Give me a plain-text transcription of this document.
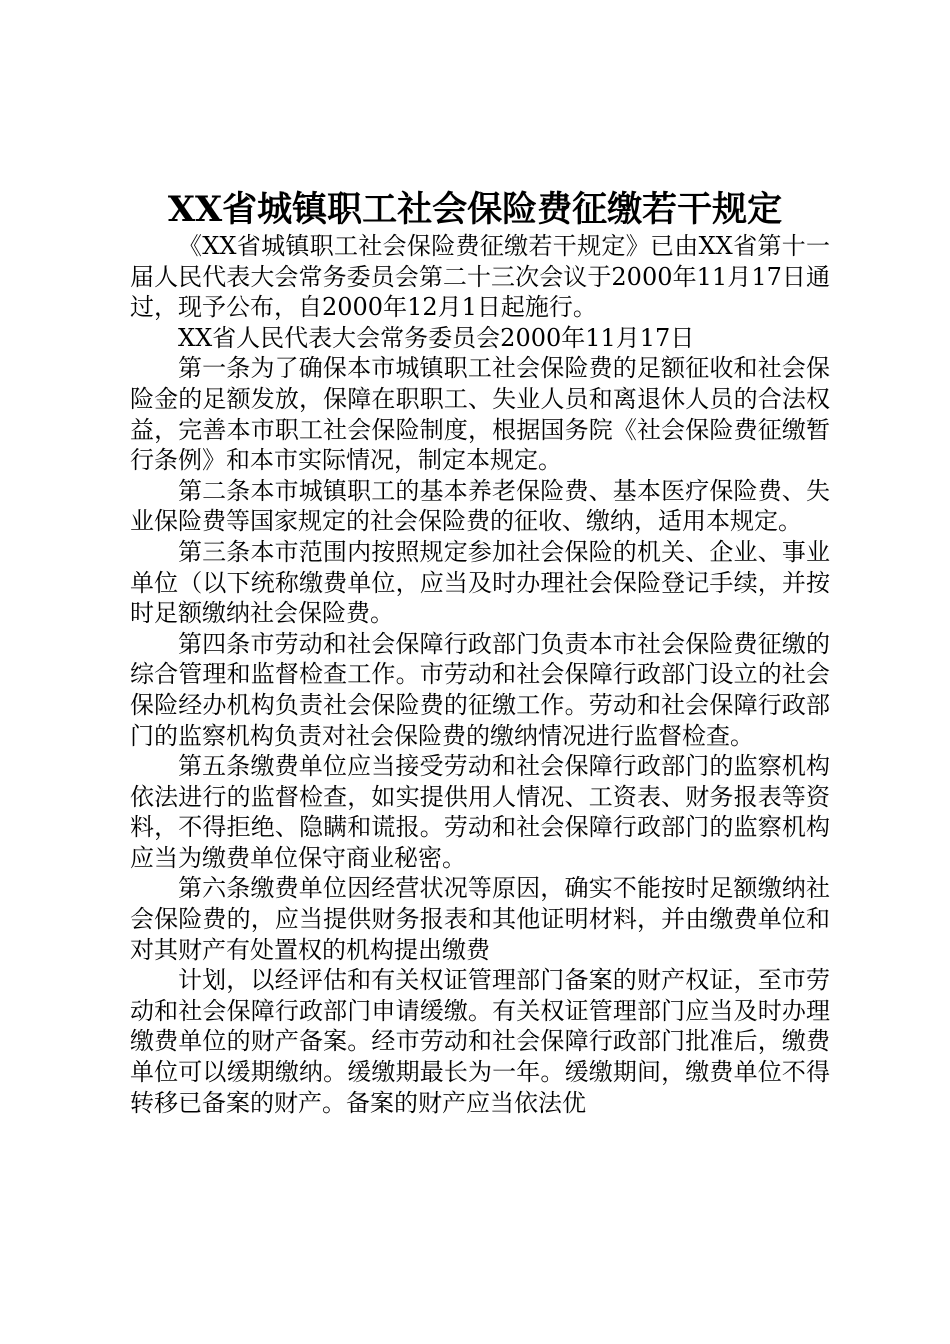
XX省城镇职工社会保险费征缴若干规定

《XX省城镇职工社会保险费征缴若干规定》已由XX省第十一届人民代表大会常务委员会第二十三次会议于2000年11月17日通过，现予公布，自2000年12月1日起施行。

XX省人民代表大会常务委员会2000年11月17日

第一条为了确保本市城镇职工社会保险费的足额征收和社会保险金的足额发放，保障在职职工、失业人员和离退休人员的合法权益，完善本市职工社会保险制度，根据国务院《社会保险费征缴暂行条例》和本市实际情况，制定本规定。

第二条本市城镇职工的基本养老保险费、基本医疗保险费、失业保险费等国家规定的社会保险费的征收、缴纳，适用本规定。

第三条本市范围内按照规定参加社会保险的机关、企业、事业单位（以下统称缴费单位，应当及时办理社会保险登记手续，并按时足额缴纳社会保险费。

第四条市劳动和社会保障行政部门负责本市社会保险费征缴的综合管理和监督检查工作。市劳动和社会保障行政部门设立的社会保险经办机构负责社会保险费的征缴工作。劳动和社会保障行政部门的监察机构负责对社会保险费的缴纳情况进行监督检查。

第五条缴费单位应当接受劳动和社会保障行政部门的监察机构依法进行的监督检查，如实提供用人情况、工资表、财务报表等资料，不得拒绝、隐瞒和谎报。劳动和社会保障行政部门的监察机构应当为缴费单位保守商业秘密。

第六条缴费单位因经营状况等原因，确实不能按时足额缴纳社会保险费的，应当提供财务报表和其他证明材料，并由缴费单位和对其财产有处置权的机构提出缴费

计划，以经评估和有关权证管理部门备案的财产权证，至市劳动和社会保障行政部门申请缓缴。有关权证管理部门应当及时办理缴费单位的财产备案。经市劳动和社会保障行政部门批准后，缴费单位可以缓期缴纳。缓缴期最长为一年。缓缴期间，缴费单位不得转移已备案的财产。备案的财产应当依法优
